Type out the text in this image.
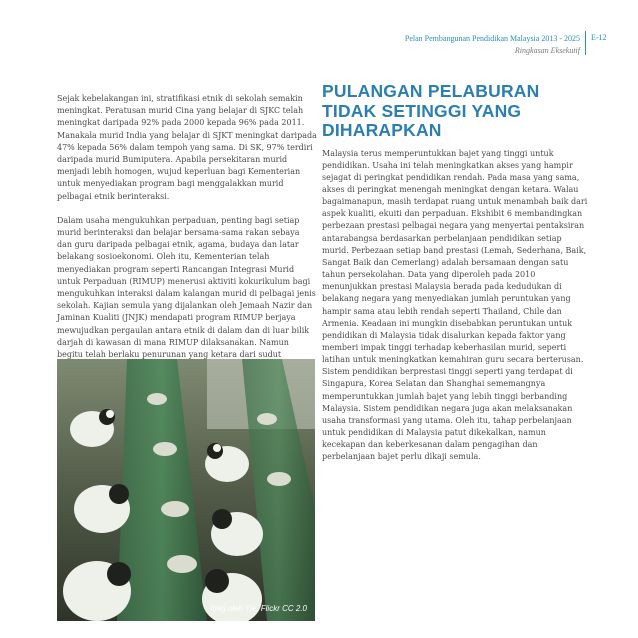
Pelan Pembangunan Pendidikan Malaysia 2013 - 2025
Ringkasan Eksekutif
E-12

Sejak kebelakangan ini, stratifikasi etnik di sekolah semakin meningkat. Peratusan murid Cina yang belajar di SJKC telah meningkat daripada 92% pada 2000 kepada 96% pada 2011. Manakala murid India yang belajar di SJKT meningkat daripada 47% kepada 56% dalam tempoh yang sama. Di SK, 97% terdiri daripada murid Bumiputera. Apabila persekitaran murid menjadi lebih homogen, wujud keperluan bagi Kementerian untuk menyediakan program bagi menggalakkan murid pelbagai etnik berinteraksi.

Dalam usaha mengukuhkan perpaduan, penting bagi setiap murid berinteraksi dan belajar bersama-sama rakan sebaya dan guru daripada pelbagai etnik, agama, budaya dan latar belakang sosioekonomi. Oleh itu, Kementerian telah menyediakan program seperti Rancangan Integrasi Murid untuk Perpaduan (RIMUP) menerusi aktiviti kokurikulum bagi mengukuhkan interaksi dalam kalangan murid di pelbagai jenis sekolah. Kajian semula yang dijalankan oleh Jemaah Nazir dan Jaminan Kualiti (JNJK) mendapati program RIMUP berjaya mewujudkan pergaulan antara etnik di dalam dan di luar bilik darjah di kawasan di mana RIMUP dilaksanakan. Namun begitu telah berlaku penurunan yang ketara dari sudut

PULANGAN PELABURAN TIDAK SETINGGI YANG DIHARAPKAN

Malaysia terus memperuntukkan bajet yang tinggi untuk pendidikan. Usaha ini telah meningkatkan akses yang hampir sejagat di peringkat pendidikan rendah. Pada masa yang sama, akses di peringkat menengah meningkat dengan ketara. Walau bagaimanapun, masih terdapat ruang untuk menambah baik dari aspek kualiti, ekuiti dan perpaduan. Ekshibit 6 membandingkan perbezaan prestasi pelbagai negara yang menyertai pentaksiran antarabangsa berdasarkan perbelanjaan pendidikan setiap murid. Perbezaan setiap band prestasi (Lemah, Sederhana, Baik, Sangat Baik dan Cemerlang) adalah bersamaan dengan satu tahun persekolahan. Data yang diperoleh pada 2010 menunjukkan prestasi Malaysia berada pada kedudukan di belakang negara yang menyediakan jumlah peruntukan yang hampir sama atau lebih rendah seperti Thailand, Chile dan Armenia. Keadaan ini mungkin disebabkan peruntukan untuk pendidikan di Malaysia tidak disalurkan kepada faktor yang memberi impak tinggi terhadap keberhasilan murid, seperti latihan untuk meningkatkan kemahiran guru secara berterusan. Sistem pendidikan berprestasi tinggi seperti yang terdapat di Singapura, Korea Selatan dan Shanghai sememangnya memperuntukkan jumlah bajet yang lebih tinggi berbanding Malaysia. Sistem pendidikan negara juga akan melaksanakan usaha transformasi yang utama. Oleh itu, tahap perbelanjaan untuk pendidikan di Malaysia patut dikekalkan, namun kecekapan dan keberkesanan dalam pengagihan dan perbelanjaan bajet perlu dikaji semula.

Imej oleh Yie, Flickr CC 2.0
